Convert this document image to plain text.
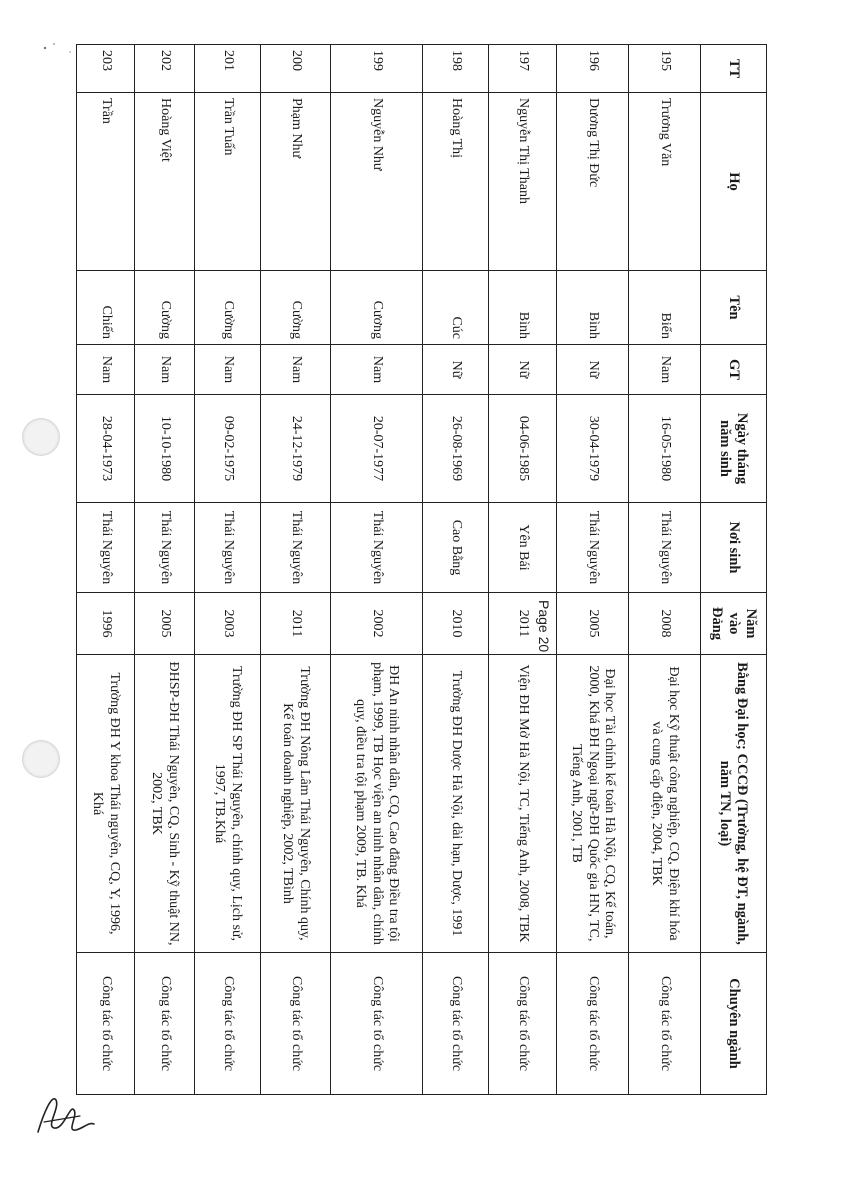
TT	Họ	Tên	GT	Ngày tháng năm sinh	Nơi sinh	Năm vào Đảng	Bằng Đại học; CCCĐ (Trường, hệ ĐT, ngành, năm TN, loại)	Chuyên ngành
195	Trương Văn	Biển	Nam	16-05-1980	Thái Nguyên	2008	Đại học Kỹ thuật công nghiệp, CQ, Điện khí hóa và cung cấp điện, 2004, TBK	Công tác tổ chức
196	Dương Thị Đức	Bình	Nữ	30-04-1979	Thái Nguyên	2005	Đại học Tài chính kế toán Hà Nội, CQ, Kế toán, 2000, Khá ĐH Ngoại ngữ-ĐH Quốc gia HN, TC, Tiếng Anh, 2001, TB	Công tác tổ chức
197	Nguyễn Thị Thanh	Bình	Nữ	04-06-1985	Yên Bái	2011	Viện ĐH Mở Hà Nội, TC, Tiếng Anh, 2008, TBK	Công tác tổ chức
198	Hoàng Thị	Cúc	Nữ	26-08-1969	Cao Bằng	2010	Trường ĐH Dược Hà Nội, dài hạn, Dược, 1991	Công tác tổ chức
199	Nguyễn Như	Cương	Nam	20-07-1977	Thái Nguyên	2002	ĐH An ninh nhân dân, CQ, Cao đẳng Điều tra tội phạm, 1999, TB Học viện an ninh nhân dân, chính quy, điều tra tội phạm 2009, TB. Khá	Công tác tổ chức
200	Phạm Như	Cường	Nam	24-12-1979	Thái Nguyên	2011	Trường ĐH Nông Lâm Thái Nguyên, Chính quy, Kế toán doanh nghiệp, 2002, TBình	Công tác tổ chức
201	Trần Tuấn	Cường	Nam	09-02-1975	Thái Nguyên	2003	Trường ĐH SP Thái Nguyên, chính quy, Lịch sử, 1997, TB.Khá	Công tác tổ chức
202	Hoàng Việt	Cường	Nam	10-10-1980	Thái Nguyên	2005	ĐHSP-ĐH Thái Nguyên, CQ, Sinh - Kỹ thuật NN, 2002, TBK	Công tác tổ chức
203	Trần	Chiến	Nam	28-04-1973	Thái Nguyên	1996	Trường ĐH Y khoa Thái nguyên, CQ, Y, 1996, Khá	Công tác tổ chức
Page 20
